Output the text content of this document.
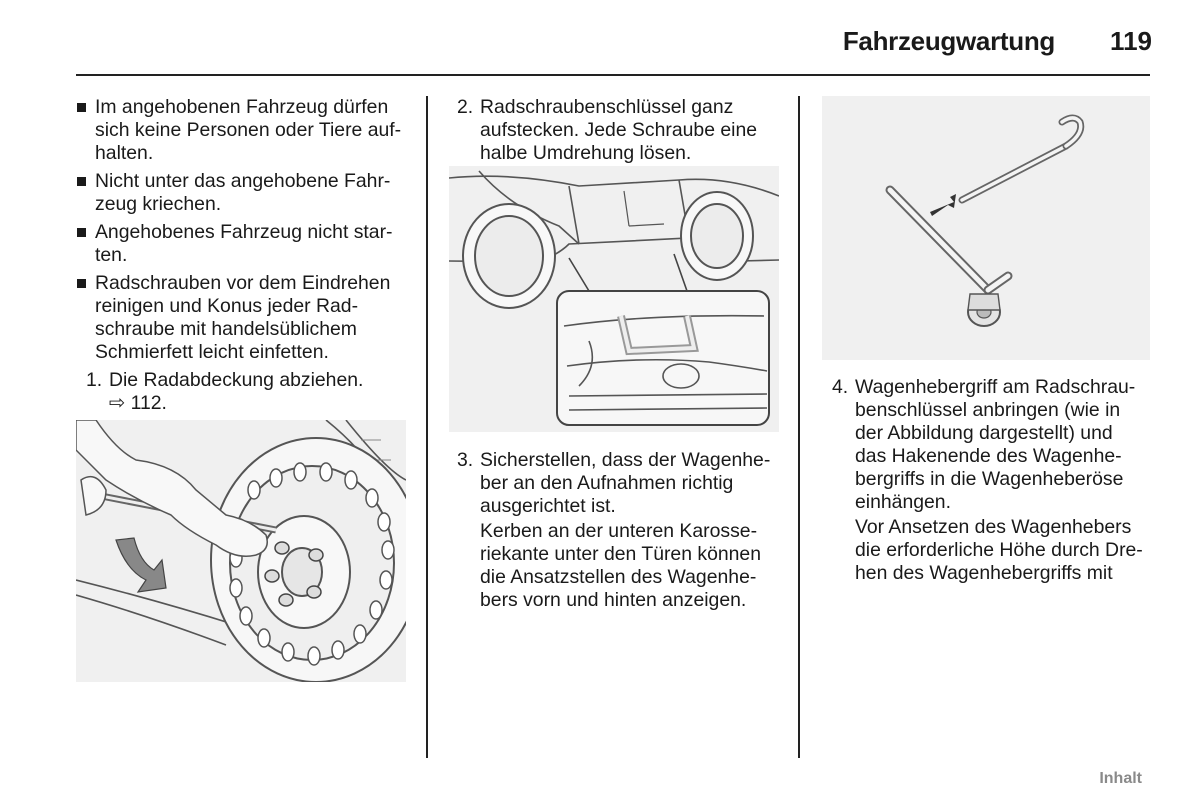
Fahrzeugwartung 119
Im angehobenen Fahrzeug dürfen
sich keine Personen oder Tiere auf-
halten.
Nicht unter das angehobene Fahr-
zeug kriechen.
Angehobenes Fahrzeug nicht star-
ten.
Radschrauben vor dem Eindrehen
reinigen und Konus jeder Rad-
schraube mit handelsüblichem
Schmierfett leicht einfetten.
1. Die Radabdeckung abziehen.
⇨ 112.
2. Radschraubenschlüssel ganz
aufstecken. Jede Schraube eine
halbe Umdrehung lösen.
3. Sicherstellen, dass der Wagenhe-
ber an den Aufnahmen richtig
ausgerichtet ist.
Kerben an der unteren Karosse-
riekante unter den Türen können
die Ansatzstellen des Wagenhe-
bers vorn und hinten anzeigen.
4. Wagenhebergriff am Radschrau-
benschlüssel anbringen (wie in
der Abbildung dargestellt) und
das Hakenende des Wagenhe-
bergriffs in die Wagenheberöse
einhängen.
Vor Ansetzen des Wagenhebers
die erforderliche Höhe durch Dre-
hen des Wagenhebergriffs mit
Inhalt
